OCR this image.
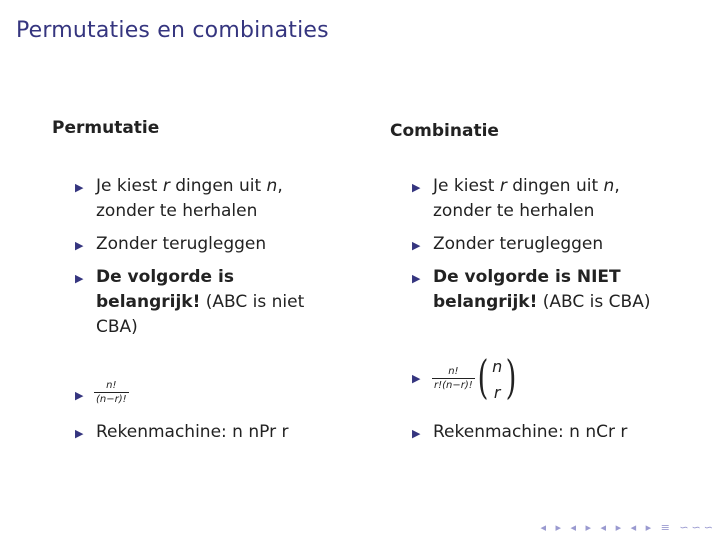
Permutaties en combinaties
Permutatie
▶ Je kiest r dingen uit n,
zonder te herhalen
▶ Zonder terugleggen
▶ De volgorde is
belangrijk! (ABC is niet
CBA)
▶ $\frac{n!}{(n-r)!}$
▶ Rekenmachine: n nPr r
Combinatie
▶ Je kiest r dingen uit n,
zonder te herhalen
▶ Zonder terugleggen
▶ De volgorde is NIET
belangrijk! (ABC is CBA)
▶ $\frac{n!}{r!(n-r)!}$
( n
r )
▶ Rekenmachine: n nCr r
◂ ▸ ◂ ▸ ◂ ▸ ◂ ▸ ≡ ∽∽∽
